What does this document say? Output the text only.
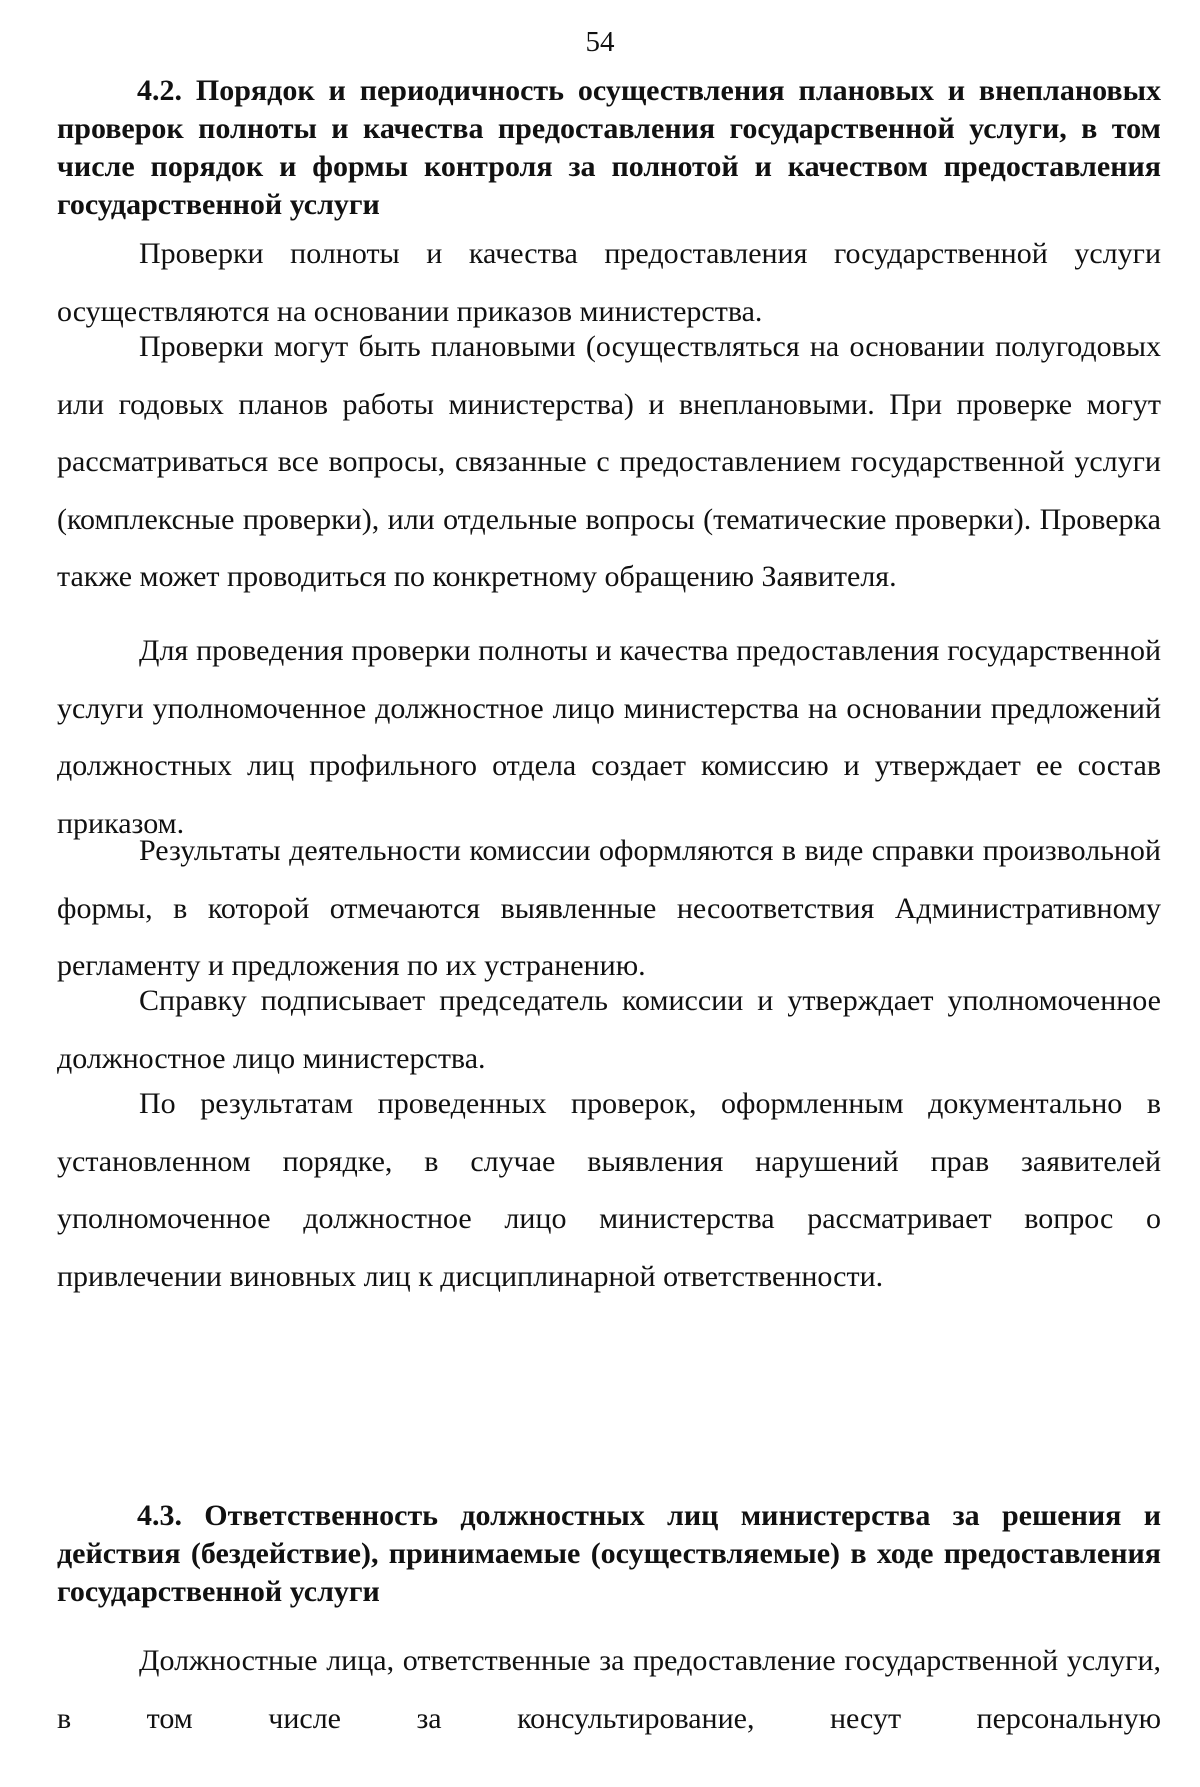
54
4.2. Порядок и периодичность осуществления плановых и внеплановых проверок полноты и качества предоставления государственной услуги, в том числе порядок и формы контроля за полнотой и качеством предоставления государственной услуги

Проверки полноты и качества предоставления государственной услуги осуществляются на основании приказов министерства.

Проверки могут быть плановыми (осуществляться на основании полугодовых или годовых планов работы министерства) и внеплановыми. При проверке могут рассматриваться все вопросы, связанные с предоставлением государственной услуги (комплексные проверки), или отдельные вопросы (тематические проверки). Проверка также может проводиться по конкретному обращению Заявителя.

Для проведения проверки полноты и качества предоставления государственной услуги уполномоченное должностное лицо министерства на основании предложений должностных лиц профильного отдела создает комиссию и утверждает ее состав приказом.

Результаты деятельности комиссии оформляются в виде справки произвольной формы, в которой отмечаются выявленные несоответствия Административному регламенту и предложения по их устранению.

Справку подписывает председатель комиссии и утверждает уполномоченное должностное лицо министерства.

По результатам проведенных проверок, оформленным документально в установленном порядке, в случае выявления нарушений прав заявителей уполномоченное должностное лицо министерства рассматривает вопрос о привлечении виновных лиц к дисциплинарной ответственности.

4.3. Ответственность должностных лиц министерства за решения и действия (бездействие), принимаемые (осуществляемые) в ходе предоставления государственной услуги

Должностные лица, ответственные за предоставление государственной услуги, в том числе за консультирование, несут персональную
